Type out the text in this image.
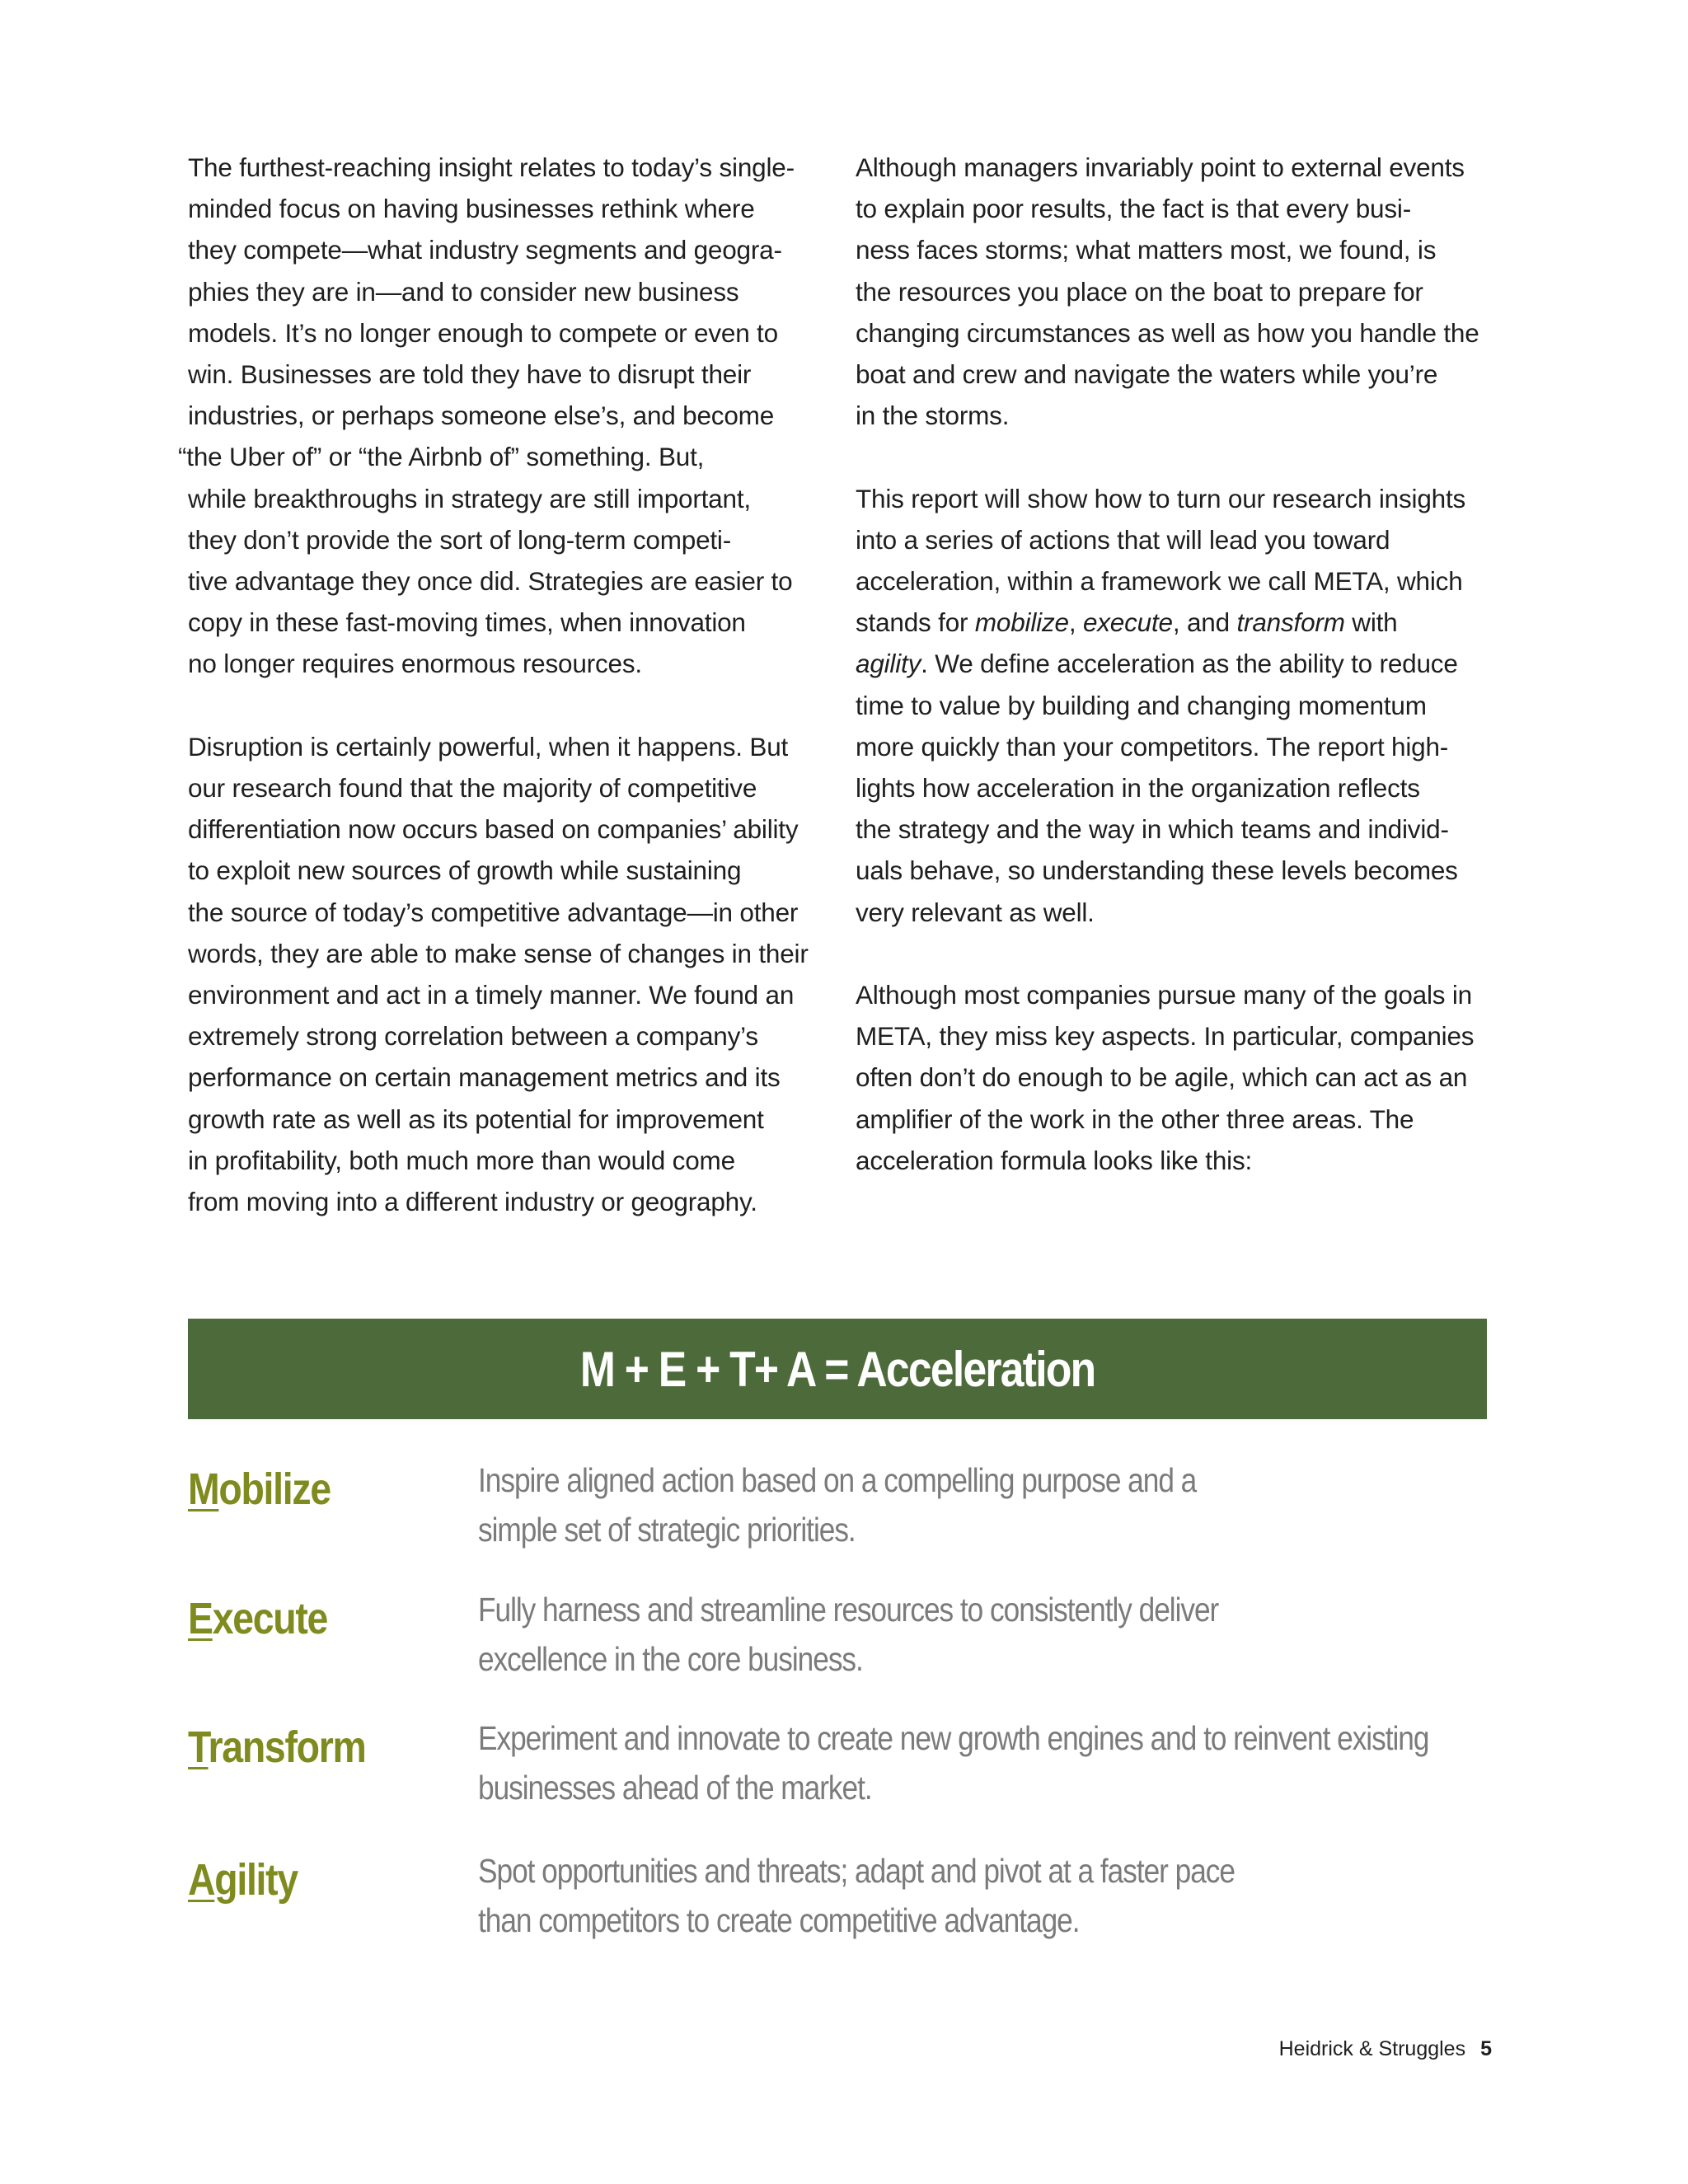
The furthest-reaching insight relates to today’s single-
minded focus on having businesses rethink where
they compete—what industry segments and geogra-
phies they are in—and to consider new business
models. It’s no longer enough to compete or even to
win. Businesses are told they have to disrupt their
industries, or perhaps someone else’s, and become
“the Uber of” or “the Airbnb of” something. But,
while breakthroughs in strategy are still important,
they don’t provide the sort of long-term competi-
tive advantage they once did. Strategies are easier to
copy in these fast-moving times, when innovation
no longer requires enormous resources.

Disruption is certainly powerful, when it happens. But
our research found that the majority of competitive
differentiation now occurs based on companies’ ability
to exploit new sources of growth while sustaining
the source of today’s competitive advantage—in other
words, they are able to make sense of changes in their
environment and act in a timely manner. We found an
extremely strong correlation between a company’s
performance on certain management metrics and its
growth rate as well as its potential for improvement
in profitability, both much more than would come
from moving into a different industry or geography.

Although managers invariably point to external events
to explain poor results, the fact is that every busi-
ness faces storms; what matters most, we found, is
the resources you place on the boat to prepare for
changing circumstances as well as how you handle the
boat and crew and navigate the waters while you’re
in the storms.

This report will show how to turn our research insights
into a series of actions that will lead you toward
acceleration, within a framework we call META, which
stands for mobilize, execute, and transform with
agility. We define acceleration as the ability to reduce
time to value by building and changing momentum
more quickly than your competitors. The report high-
lights how acceleration in the organization reflects
the strategy and the way in which teams and individ-
uals behave, so understanding these levels becomes
very relevant as well.

Although most companies pursue many of the goals in
META, they miss key aspects. In particular, companies
often don’t do enough to be agile, which can act as an
amplifier of the work in the other three areas. The
acceleration formula looks like this:

M + E + T+ A = Acceleration
Mobilize	Inspire aligned action based on a compelling purpose and a
simple set of strategic priorities.
Execute	Fully harness and streamline resources to consistently deliver
excellence in the core business.
Transform	Experiment and innovate to create new growth engines and to reinvent existing
businesses ahead of the market.
Agility	Spot opportunities and threats; adapt and pivot at a faster pace
than competitors to create competitive advantage.
Heidrick & Struggles 5
